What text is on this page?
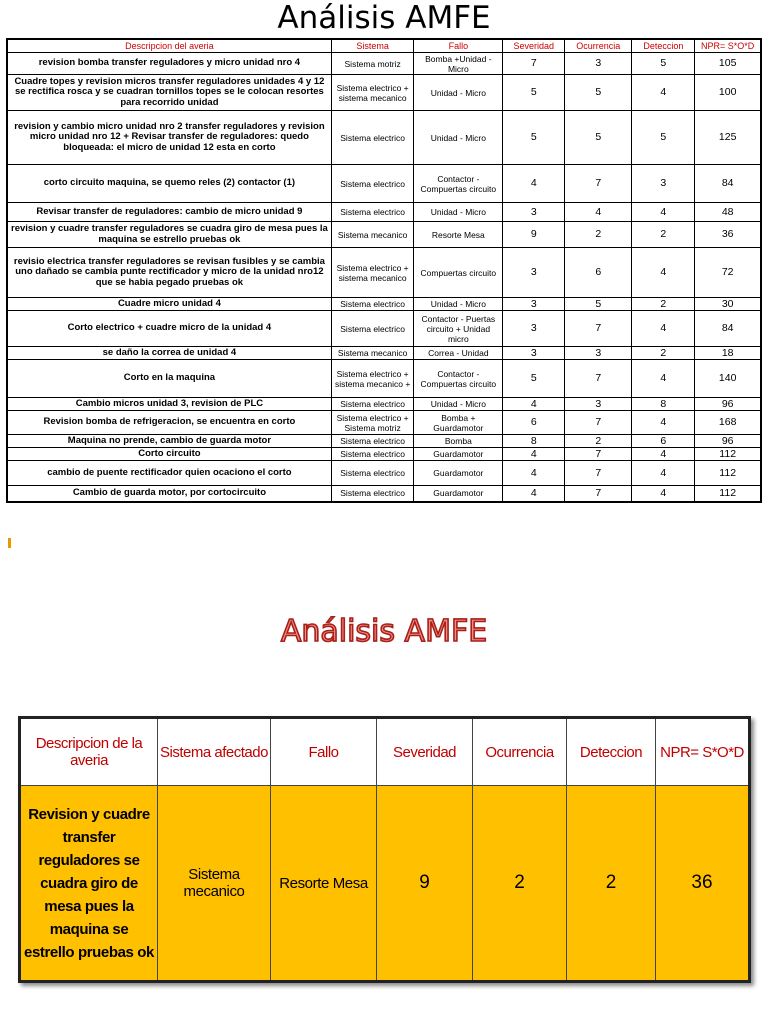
Análisis AMFE
Descripcion del averia	Sistema	Fallo	Severidad	Ocurrencia	Deteccion	NPR= S*O*D
revision bomba transfer reguladores y micro unidad nro 4	Sistema motriz	Bomba +Unidad - Micro	7	3	5	105
Cuadre topes y revision micros transfer reguladores unidades 4 y 12 se rectifica rosca y se cuadran tornillos topes se le colocan resortes para recorrido unidad	Sistema electrico + sistema mecanico	Unidad - Micro	5	5	4	100
revision y cambio micro unidad nro 2 transfer reguladores y revision micro unidad nro 12 + Revisar transfer de reguladores: quedo bloqueada: el micro de unidad 12 esta en corto	Sistema electrico	Unidad - Micro	5	5	5	125
corto circuito maquina, se quemo reles (2) contactor (1)	Sistema electrico	Contactor - Compuertas circuito	4	7	3	84
Revisar transfer de reguladores: cambio de micro unidad 9	Sistema electrico	Unidad - Micro	3	4	4	48
revision y cuadre transfer reguladores se cuadra giro de mesa pues la maquina se estrello pruebas ok	Sistema mecanico	Resorte Mesa	9	2	2	36
revisio electrica transfer reguladores se revisan fusibles y se cambia uno dañado se cambia punte rectificador y micro de la unidad nro12 que se habia pegado pruebas ok	Sistema electrico + sistema mecanico	Compuertas circuito	3	6	4	72
Cuadre micro unidad 4	Sistema electrico	Unidad - Micro	3	5	2	30
Corto electrico + cuadre micro de la unidad 4	Sistema electrico	Contactor - Puertas circuito + Unidad micro	3	7	4	84
se daño la correa de unidad 4	Sistema mecanico	Correa - Unidad	3	3	2	18
Corto en la maquina	Sistema electrico + sistema mecanico +	Contactor - Compuertas circuito	5	7	4	140
Cambio micros unidad 3, revision de PLC	Sistema electrico	Unidad - Micro	4	3	8	96
Revision bomba de refrigeracion, se encuentra en corto	Sistema electrico + Sistema motriz	Bomba + Guardamotor	6	7	4	168
Maquina no prende, cambio de guarda motor	Sistema electrico	Bomba	8	2	6	96
Corto circuito	Sistema electrico	Guardamotor	4	7	4	112
cambio de puente rectificador quien ocaciono el corto	Sistema electrico	Guardamotor	4	7	4	112
Cambio de guarda motor, por cortocircuito	Sistema electrico	Guardamotor	4	7	4	112
Análisis AMFE
Descripcion de la averia	Sistema afectado	Fallo	Severidad	Ocurrencia	Deteccion	NPR= S*O*D
Revision y cuadre transfer reguladores se cuadra giro de mesa pues la maquina se estrello pruebas ok	Sistema mecanico	Resorte Mesa	9	2	2	36
